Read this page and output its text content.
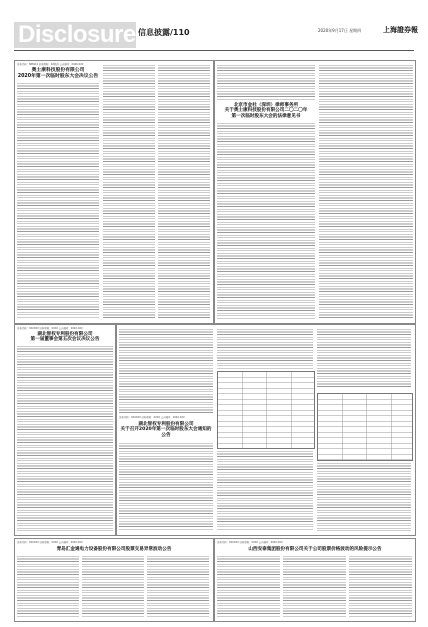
Disclosure 信息披露/110	2020年9月17日 星期四	上海證券報
证券代码：688111 证券简称：XX股份 公告编号：2020-XXX
奥士康科技股份有限公司
2020年第一次临时股东大会决议公告
北京市金杜（深圳）律师事务所
关于奥士康科技股份有限公司二〇二〇年
第一次临时股东大会的法律意见书
证券代码：XXXXXX 证券简称：XXXX 公告编号：2020-XXX
湖北智权专利股份有限公司
第一届董事会第五次会议决议公告
证券代码：XXXXXX 证券简称：XXXX 公告编号：2020-XXX
湖北智权专利股份有限公司
关于召开2020年第一次临时股东大会通知的
公告
证券代码：XXXXXX 证券简称：XXXX 公告编号：2020-XXX
青岛汇金通电力设备股份有限公司股票交易异常波动公告
证券代码：XXXXXX 证券简称：XXXX 公告编号：2020-XXX
山西安泰集团股份有限公司关于公司股票价格波动的风险提示公告
